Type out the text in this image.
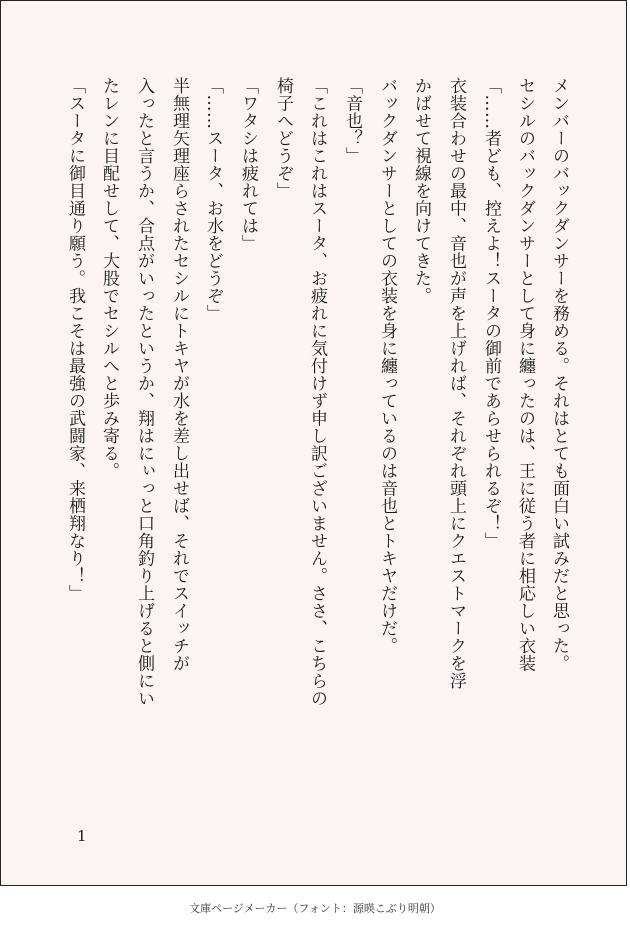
メンバーのバックダンサーを務める。それはとても面白い試みだと思った。
セシルのバックダンサーとして身に纏ったのは、王に従う者に相応しい衣装
「……者ども、控えよ！スータの御前であらせられるぞ！」
衣装合わせの最中、音也が声を上げれば、それぞれ頭上にクエストマークを浮
かばせて視線を向けてきた。
バックダンサーとしての衣装を身に纏っているのは音也とトキヤだけだ。
「音也？」
「これはこれはスータ、お疲れに気付けず申し訳ございません。ささ、こちらの
椅子へどうぞ」
「ワタシは疲れては」
「……スータ、お水をどうぞ」
半無理矢理座らされたセシルにトキヤが水を差し出せば、それでスイッチが
入ったと言うか、合点がいったというか、翔はにぃっと口角釣り上げると側にい
たレンに目配せして、大股でセシルへと歩み寄る。
「スータに御目通り願う。我こそは最強の武闘家、来栖翔なり！」
1
文庫ページメーカー（フォント：源暎こぶり明朝）
